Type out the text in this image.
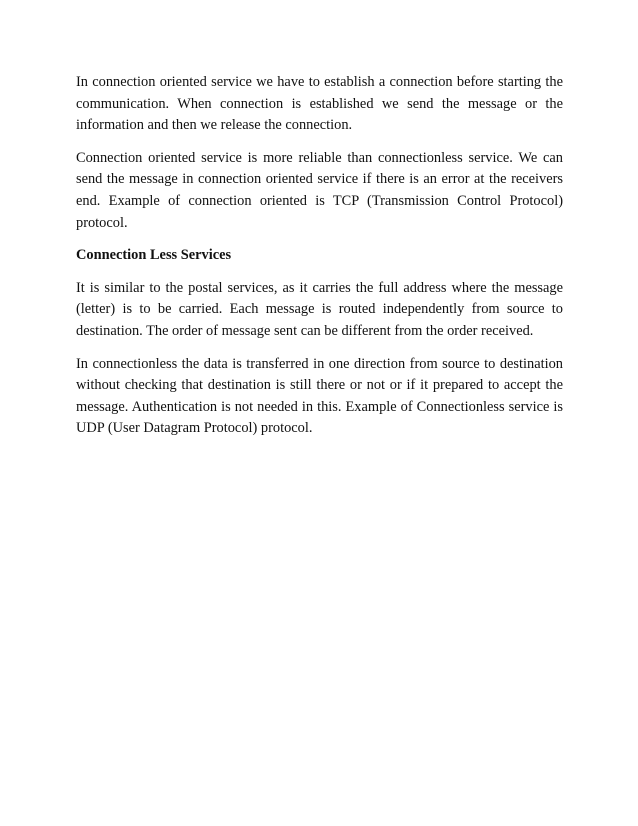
In connection oriented service we have to establish a connection before starting the communication. When connection is established we send the message or the information and then we release the connection.

Connection oriented service is more reliable than connectionless service. We can send the message in connection oriented service if there is an error at the receivers end. Example of connection oriented is TCP (Transmission Control Protocol) protocol.

Connection Less Services

It is similar to the postal services, as it carries the full address where the message (letter) is to be carried. Each message is routed independently from source to destination. The order of message sent can be different from the order received.

In connectionless the data is transferred in one direction from source to destination without checking that destination is still there or not or if it prepared to accept the message. Authentication is not needed in this. Example of Connectionless service is UDP (User Datagram Protocol) protocol.
